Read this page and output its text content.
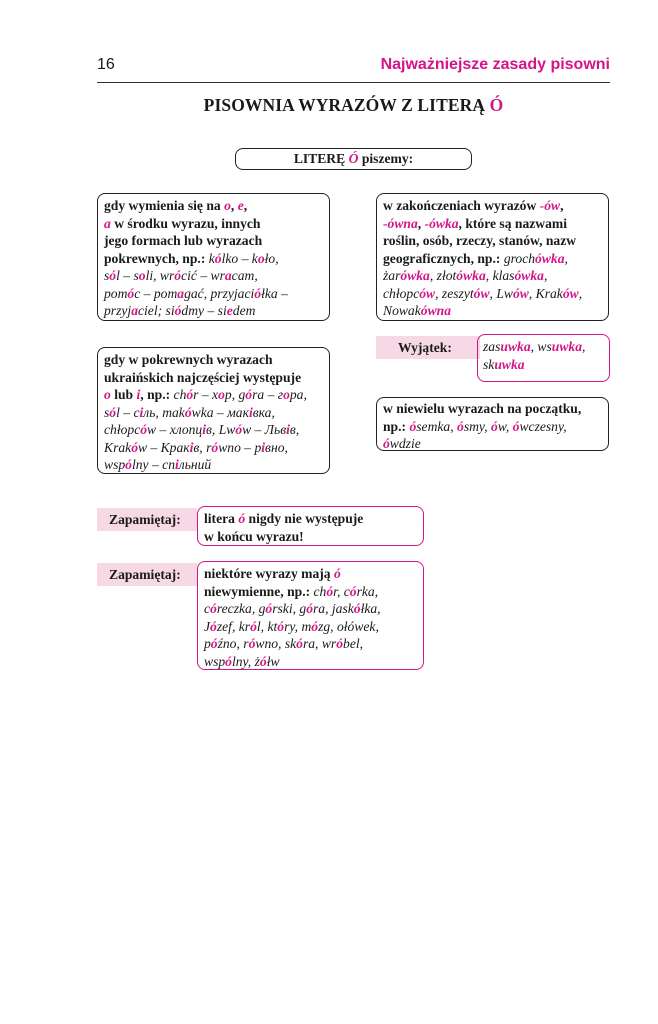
16	Najważniejsze zasady pisowni
PISOWNIA WYRAZÓW Z LITERĄ Ó
LITERĘ Ó piszemy:
gdy wymienia się na o, e,
a w środku wyrazu, innych
jego formach lub wyrazach
pokrewnych, np.: kólko – koło,
sól – soli, wrócić – wracam,
pomóc – pomagać, przyjaciółka –
przyjaciel; siódmy – siedem
w zakończeniach wyrazów -ów,
-ówna, -ówka, które są nazwami
roślin, osób, rzeczy, stanów, nazw
geograficznych, np.: grochówka,
żarówka, złotówka, klasówka,
chłopców, zeszytów, Lwów, Kraków,
Nowakówna
Wyjątek:	zasuwka, wsuwka,
skuwka
gdy w pokrewnych wyrazach
ukraińskich najczęściej występuje
o lub i, np.: chór – хор, góra – гора,
sól – сіль, makówka – маківка,
chłopców – хлопців, Lwów – Львів,
Kraków – Краків, równo – рівно,
wspólny – спільний
w niewielu wyrazach na początku,
np.: ósemka, ósmy, ów, ówczesny,
ówdzie
Zapamiętaj:	litera ó nigdy nie występuje
w końcu wyrazu!
Zapamiętaj:	niektóre wyrazy mają ó
niewymienne, np.: chór, córka,
córeczka, górski, góra, jaskółka,
Józef, król, który, mózg, ołówek,
późno, równo, skóra, wróbel,
wspólny, żółw
